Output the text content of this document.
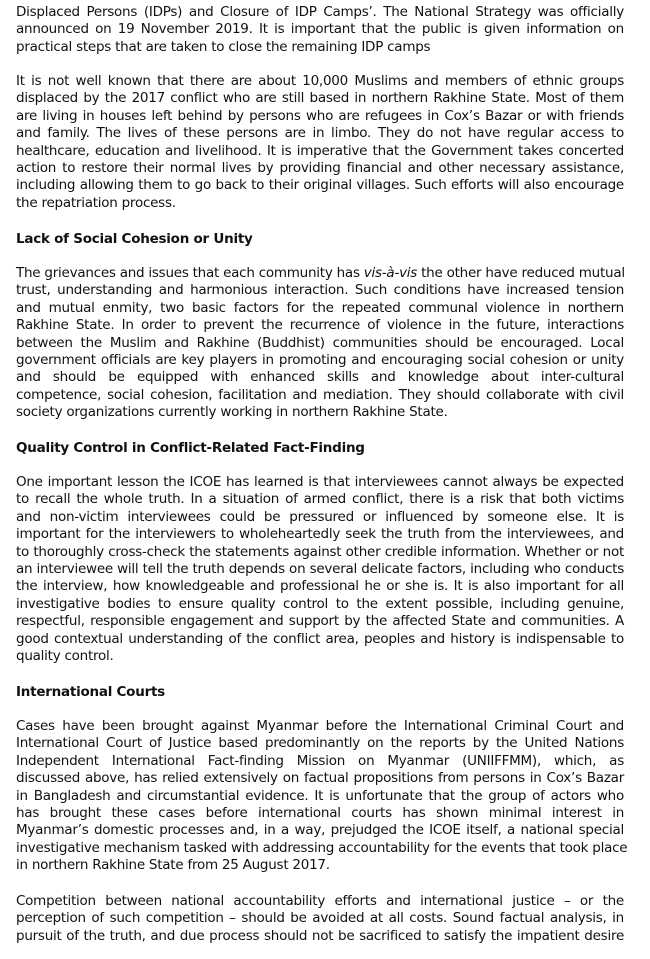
Displaced Persons (IDPs) and Closure of IDP Camps’. The National Strategy was officially
announced on 19 November 2019. It is important that the public is given information on
practical steps that are taken to close the remaining IDP camps
It is not well known that there are about 10,000 Muslims and members of ethnic groups
displaced by the 2017 conflict who are still based in northern Rakhine State. Most of them
are living in houses left behind by persons who are refugees in Cox’s Bazar or with friends
and family. The lives of these persons are in limbo. They do not have regular access to
healthcare, education and livelihood. It is imperative that the Government takes concerted
action to restore their normal lives by providing financial and other necessary assistance,
including allowing them to go back to their original villages. Such efforts will also encourage
the repatriation process.
Lack of Social Cohesion or Unity
The grievances and issues that each community has vis-à-vis the other have reduced mutual
trust, understanding and harmonious interaction. Such conditions have increased tension
and mutual enmity, two basic factors for the repeated communal violence in northern
Rakhine State. In order to prevent the recurrence of violence in the future, interactions
between the Muslim and Rakhine (Buddhist) communities should be encouraged. Local
government officials are key players in promoting and encouraging social cohesion or unity
and should be equipped with enhanced skills and knowledge about inter-cultural
competence, social cohesion, facilitation and mediation. They should collaborate with civil
society organizations currently working in northern Rakhine State.
Quality Control in Conflict-Related Fact-Finding
One important lesson the ICOE has learned is that interviewees cannot always be expected
to recall the whole truth. In a situation of armed conflict, there is a risk that both victims
and non-victim interviewees could be pressured or influenced by someone else. It is
important for the interviewers to wholeheartedly seek the truth from the interviewees, and
to thoroughly cross-check the statements against other credible information. Whether or not
an interviewee will tell the truth depends on several delicate factors, including who conducts
the interview, how knowledgeable and professional he or she is. It is also important for all
investigative bodies to ensure quality control to the extent possible, including genuine,
respectful, responsible engagement and support by the affected State and communities. A
good contextual understanding of the conflict area, peoples and history is indispensable to
quality control.
International Courts
Cases have been brought against Myanmar before the International Criminal Court and
International Court of Justice based predominantly on the reports by the United Nations
Independent International Fact-finding Mission on Myanmar (UNIIFFMM), which, as
discussed above, has relied extensively on factual propositions from persons in Cox’s Bazar
in Bangladesh and circumstantial evidence. It is unfortunate that the group of actors who
has brought these cases before international courts has shown minimal interest in
Myanmar’s domestic processes and, in a way, prejudged the ICOE itself, a national special
investigative mechanism tasked with addressing accountability for the events that took place
in northern Rakhine State from 25 August 2017.
Competition between national accountability efforts and international justice – or the
perception of such competition – should be avoided at all costs. Sound factual analysis, in
pursuit of the truth, and due process should not be sacrificed to satisfy the impatient desire
